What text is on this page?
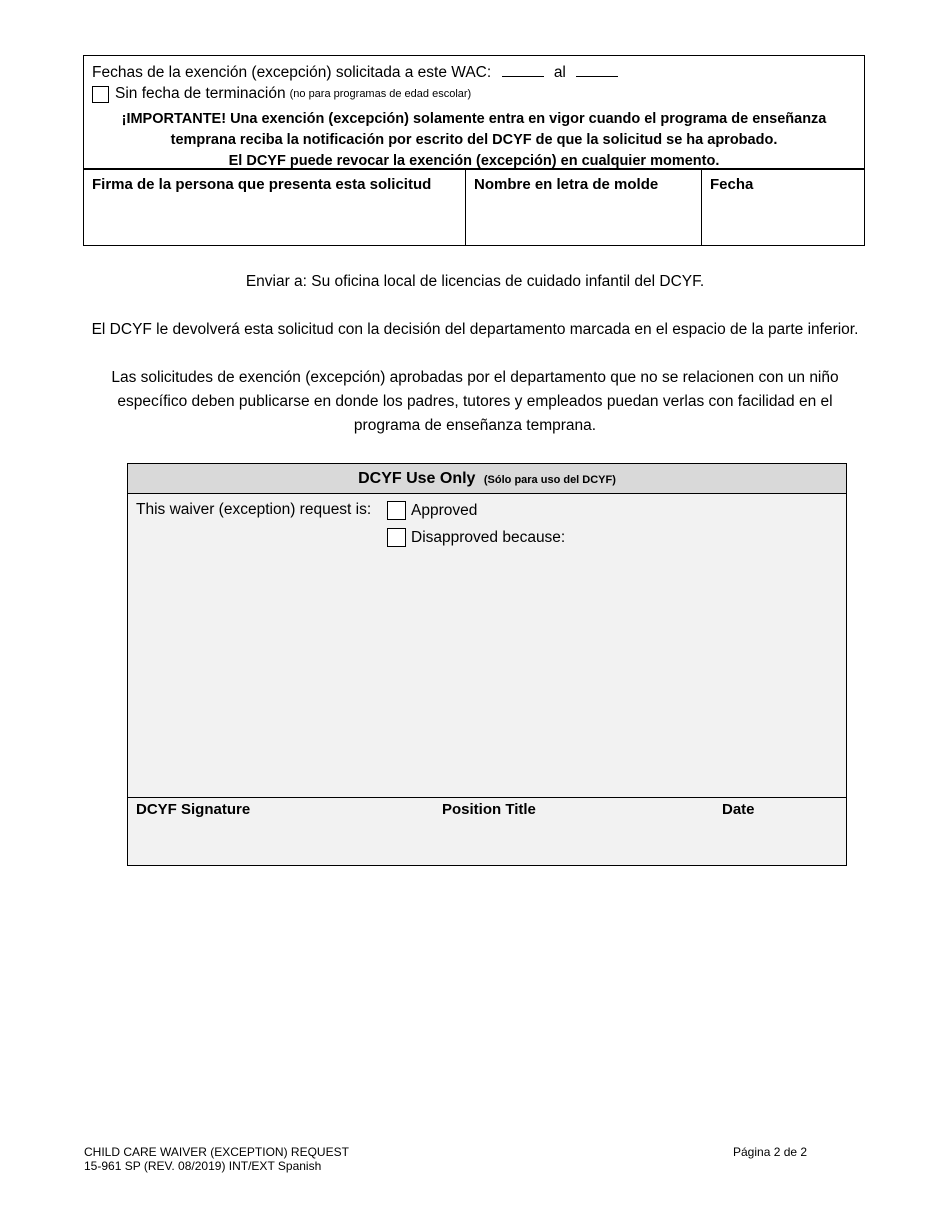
Fechas de la exención (excepción) solicitada a este WAC:	al
Sin fecha de terminación (no para programas de edad escolar)
¡IMPORTANTE! Una exención (excepción) solamente entra en vigor cuando el programa de enseñanza
temprana reciba la notificación por escrito del DCYF de que la solicitud se ha aprobado.
El DCYF puede revocar la exención (excepción) en cualquier momento.
Firma de la persona que presenta esta solicitud	Nombre en letra de molde	Fecha
Enviar a: Su oficina local de licencias de cuidado infantil del DCYF.
El DCYF le devolverá esta solicitud con la decisión del departamento marcada en el espacio de la parte inferior.
Las solicitudes de exención (excepción) aprobadas por el departamento que no se relacionen con un niño
específico deben publicarse en donde los padres, tutores y empleados puedan verlas con facilidad en el
programa de enseñanza temprana.
DCYF Use Only (Sólo para uso del DCYF)
This waiver (exception) request is:	Approved
Disapproved because:
DCYF Signature	Position Title	Date
CHILD CARE WAIVER (EXCEPTION) REQUEST
15-961 SP (REV. 08/2019) INT/EXT Spanish
Página 2 de 2
